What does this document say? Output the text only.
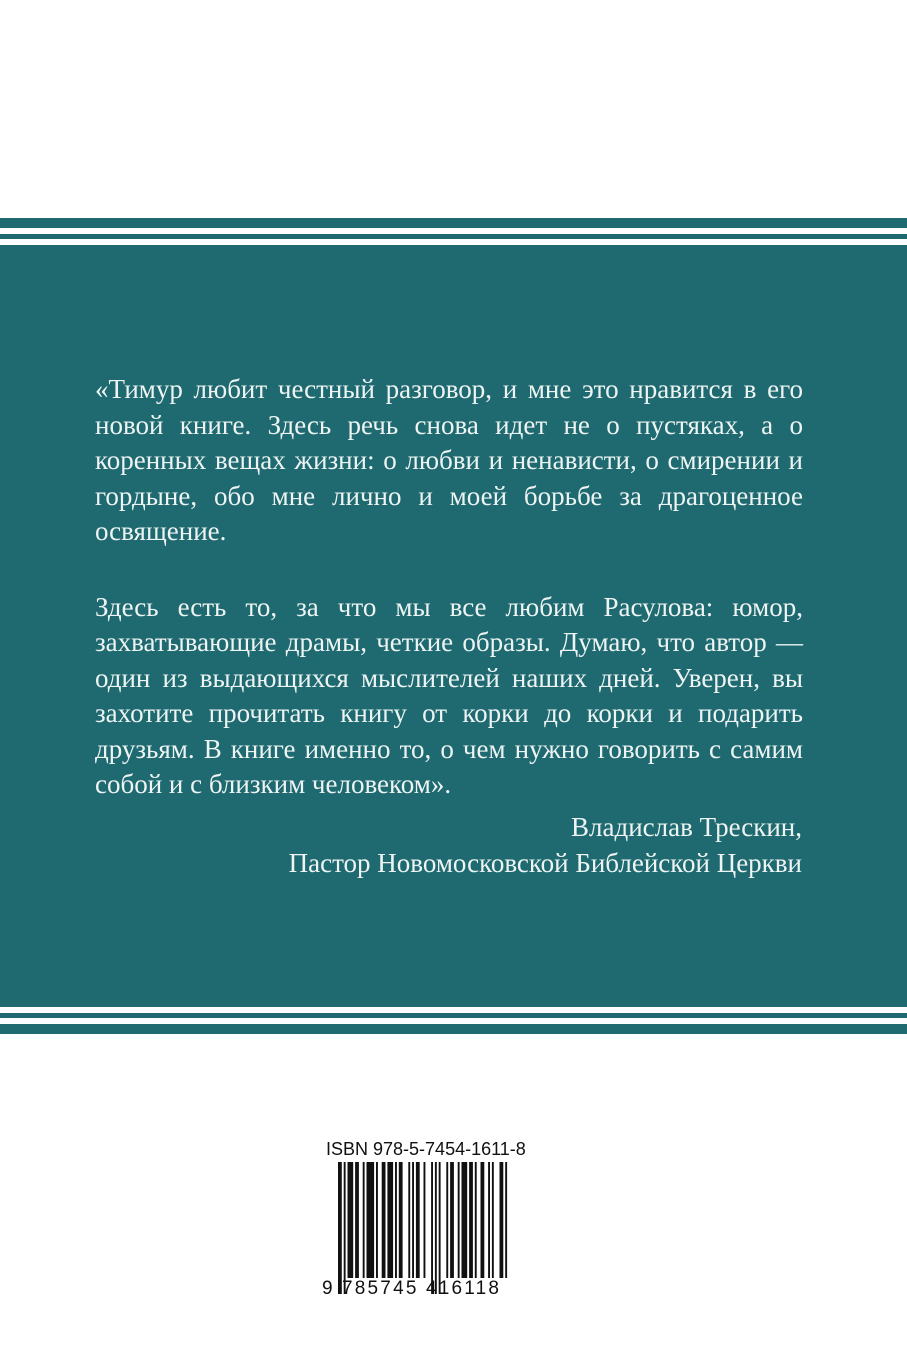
«Тимур любит честный разговор, и мне это нравится в его новой книге. Здесь речь снова идет не о пустяках, а о коренных вещах жизни: о любви и ненависти, о смирении и гордыне, обо мне лично и моей борьбе за драгоценное освящение.

Здесь есть то, за что мы все любим Расулова: юмор, захватывающие драмы, четкие образы. Думаю, что автор — один из выдающихся мыслителей наших дней. Уверен, вы захотите прочитать книгу от корки до корки и подарить друзьям. В книге именно то, о чем нужно говорить с самим собой и с близким человеком».

Владислав Трескин,
Пастор Новомосковской Библейской Церкви
ISBN 978-5-7454-1611-8
9 785745 416118
